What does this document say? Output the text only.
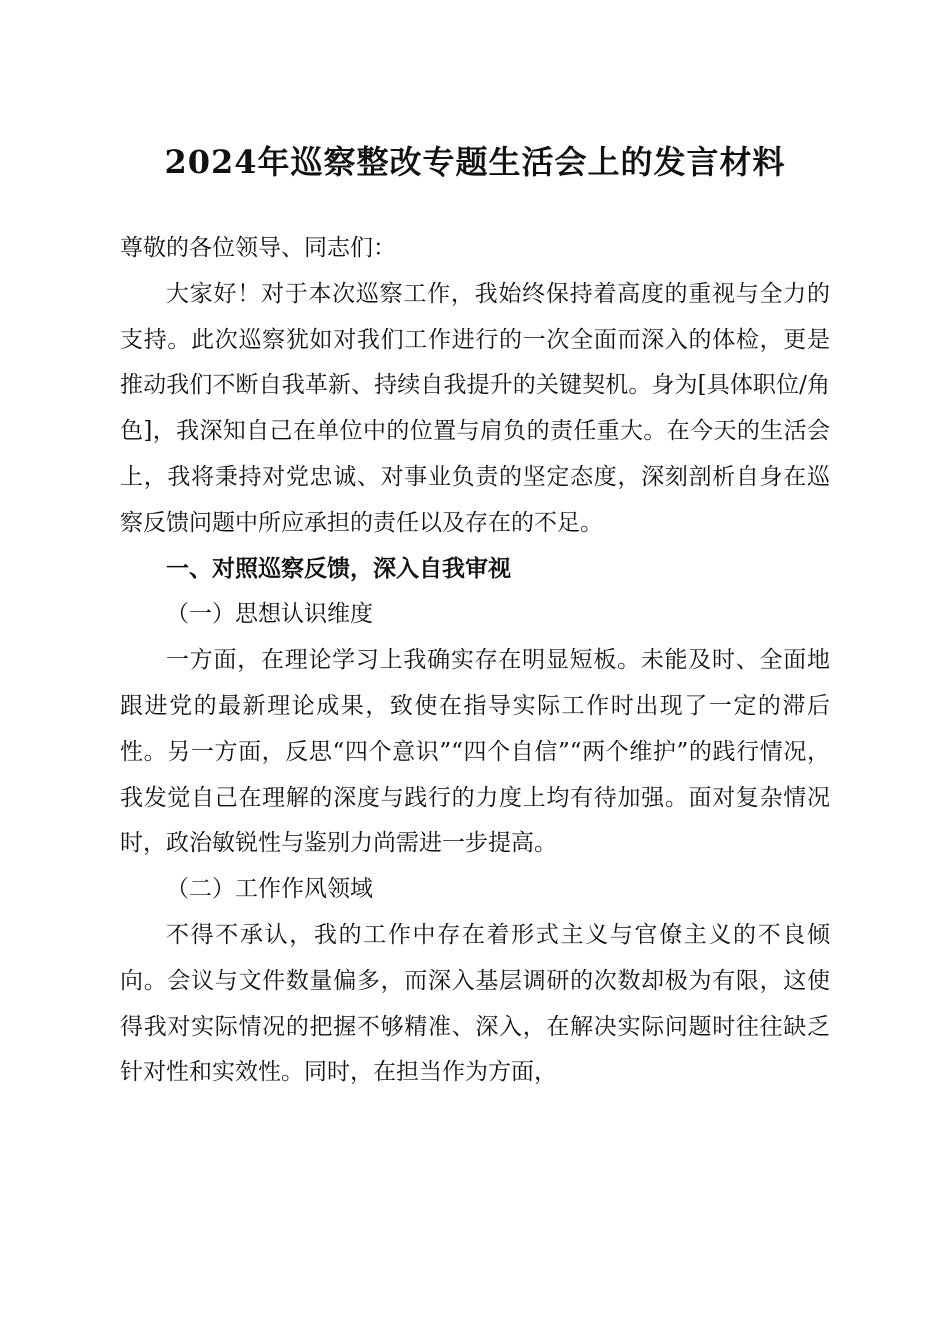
2024年巡察整改专题生活会上的发言材料

尊敬的各位领导、同志们：

大家好！对于本次巡察工作，我始终保持着高度的重视与全力的支持。此次巡察犹如对我们工作进行的一次全面而深入的体检，更是推动我们不断自我革新、持续自我提升的关键契机。身为[具体职位/角色]，我深知自己在单位中的位置与肩负的责任重大。在今天的生活会上，我将秉持对党忠诚、对事业负责的坚定态度，深刻剖析自身在巡察反馈问题中所应承担的责任以及存在的不足。

一、对照巡察反馈，深入自我审视

（一）思想认识维度

一方面，在理论学习上我确实存在明显短板。未能及时、全面地跟进党的最新理论成果，致使在指导实际工作时出现了一定的滞后性。另一方面，反思“四个意识”“四个自信”“两个维护”的践行情况，我发觉自己在理解的深度与践行的力度上均有待加强。面对复杂情况时，政治敏锐性与鉴别力尚需进一步提高。

（二）工作作风领域

不得不承认，我的工作中存在着形式主义与官僚主义的不良倾向。会议与文件数量偏多，而深入基层调研的次数却极为有限，这使得我对实际情况的把握不够精准、深入，在解决实际问题时往往缺乏针对性和实效性。同时，在担当作为方面，
